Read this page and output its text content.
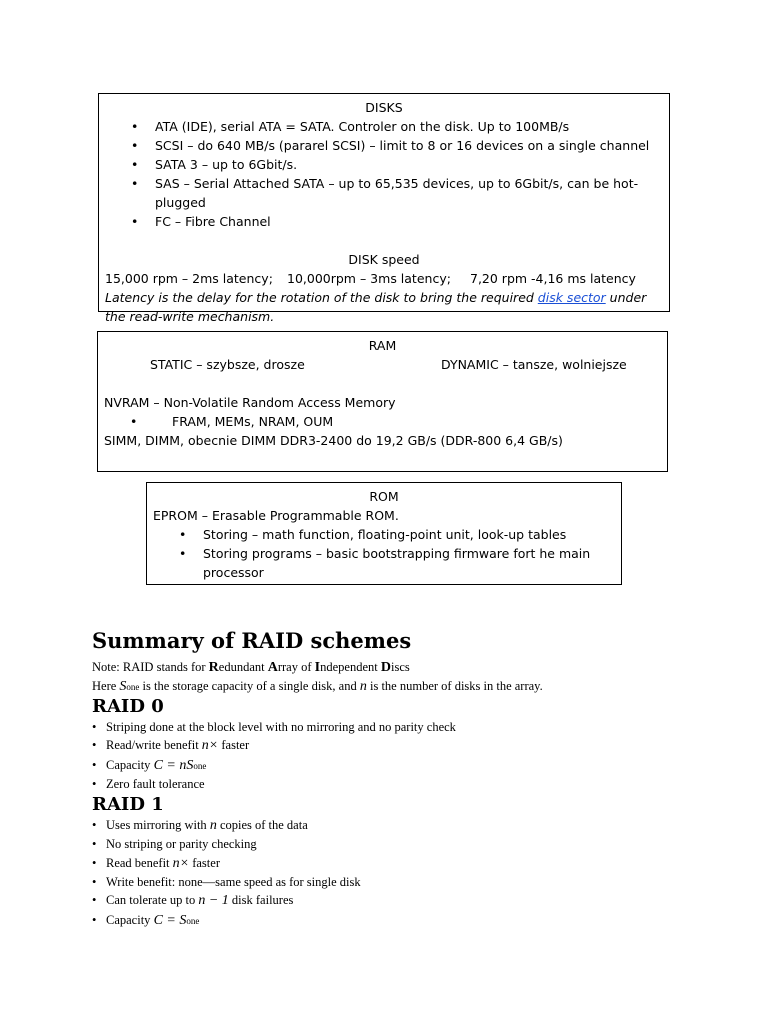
DISKS
• ATA (IDE), serial ATA = SATA. Controler on the disk. Up to 100MB/s
• SCSI – do 640 MB/s (pararel SCSI) – limit to 8 or 16 devices on a single channel
• SATA 3 – up to 6Gbit/s.
• SAS – Serial Attached SATA – up to 65,535 devices, up to 6Gbit/s, can be hot-plugged
• FC – Fibre Channel
DISK speed
15,000 rpm – 2ms latency; 10,000rpm – 3ms latency; 7,20 rpm -4,16 ms latency
Latency is the delay for the rotation of the disk to bring the required disk sector under the read-write mechanism.
RAM
STATIC – szybsze, drosze	DYNAMIC – tansze, wolniejsze
NVRAM – Non-Volatile Random Access Memory
• FRAM, MEMs, NRAM, OUM
SIMM, DIMM, obecnie DIMM DDR3-2400 do 19,2 GB/s (DDR-800 6,4 GB/s)
ROM
EPROM – Erasable Programmable ROM.
• Storing – math function, floating-point unit, look-up tables
• Storing programs – basic bootstrapping firmware fort he main processor
Summary of RAID schemes

Note: RAID stands for Redundant Array of Independent Discs

Here Sone is the storage capacity of a single disk, and n is the number of disks in the array.

RAID 0
• Striping done at the block level with no mirroring and no parity check
• Read/write benefit n× faster
• Capacity C = nSone
• Zero fault tolerance
RAID 1
• Uses mirroring with n copies of the data
• No striping or parity checking
• Read benefit n× faster
• Write benefit: none—same speed as for single disk
• Can tolerate up to n − 1 disk failures
• Capacity C = Sone
